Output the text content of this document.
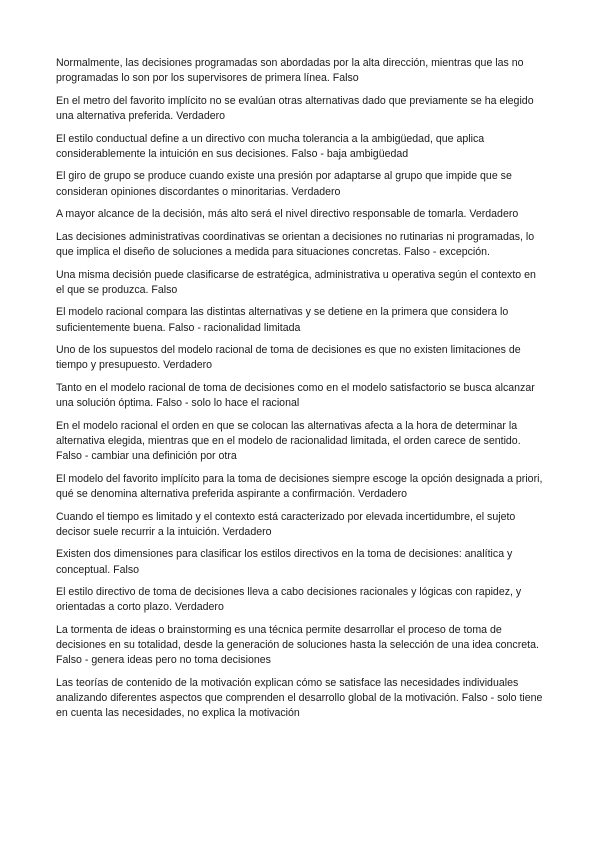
Normalmente, las decisiones programadas son abordadas por la alta dirección, mientras que las no programadas lo son por los supervisores de primera línea. Falso

En el metro del favorito implícito no se evalúan otras alternativas dado que previamente se ha elegido una alternativa preferida. Verdadero

El estilo conductual define a un directivo con mucha tolerancia a la ambigüedad, que aplica considerablemente la intuición en sus decisiones. Falso - baja ambigüedad

El giro de grupo se produce cuando existe una presión por adaptarse al grupo que impide que se consideran opiniones discordantes o minoritarias. Verdadero

A mayor alcance de la decisión, más alto será el nivel directivo responsable de tomarla. Verdadero

Las decisiones administrativas coordinativas se orientan a decisiones no rutinarias ni programadas, lo que implica el diseño de soluciones a medida para situaciones concretas. Falso - excepción.

Una misma decisión puede clasificarse de estratégica, administrativa u operativa según el contexto en el que se produzca. Falso

El modelo racional compara las distintas alternativas y se detiene en la primera que considera lo suficientemente buena. Falso - racionalidad limitada

Uno de los supuestos del modelo racional de toma de decisiones es que no existen limitaciones de tiempo y presupuesto. Verdadero

Tanto en el modelo racional de toma de decisiones como en el modelo satisfactorio se busca alcanzar una solución óptima. Falso - solo lo hace el racional

En el modelo racional el orden en que se colocan las alternativas afecta a la hora de determinar la alternativa elegida, mientras que en el modelo de racionalidad limitada, el orden carece de sentido. Falso - cambiar una definición por otra

El modelo del favorito implícito para la toma de decisiones siempre escoge la opción designada a priori, qué se denomina alternativa preferida aspirante a confirmación. Verdadero

Cuando el tiempo es limitado y el contexto está caracterizado por elevada incertidumbre, el sujeto decisor suele recurrir a la intuición. Verdadero

Existen dos dimensiones para clasificar los estilos directivos en la toma de decisiones: analítica y conceptual. Falso

El estilo directivo de toma de decisiones lleva a cabo decisiones racionales y lógicas con rapidez, y orientadas a corto plazo. Verdadero

La tormenta de ideas o brainstorming es una técnica permite desarrollar el proceso de toma de decisiones en su totalidad, desde la generación de soluciones hasta la selección de una idea concreta. Falso - genera ideas pero no toma decisiones

Las teorías de contenido de la motivación explican cómo se satisface las necesidades individuales analizando diferentes aspectos que comprenden el desarrollo global de la motivación. Falso - solo tiene en cuenta las necesidades, no explica la motivación
